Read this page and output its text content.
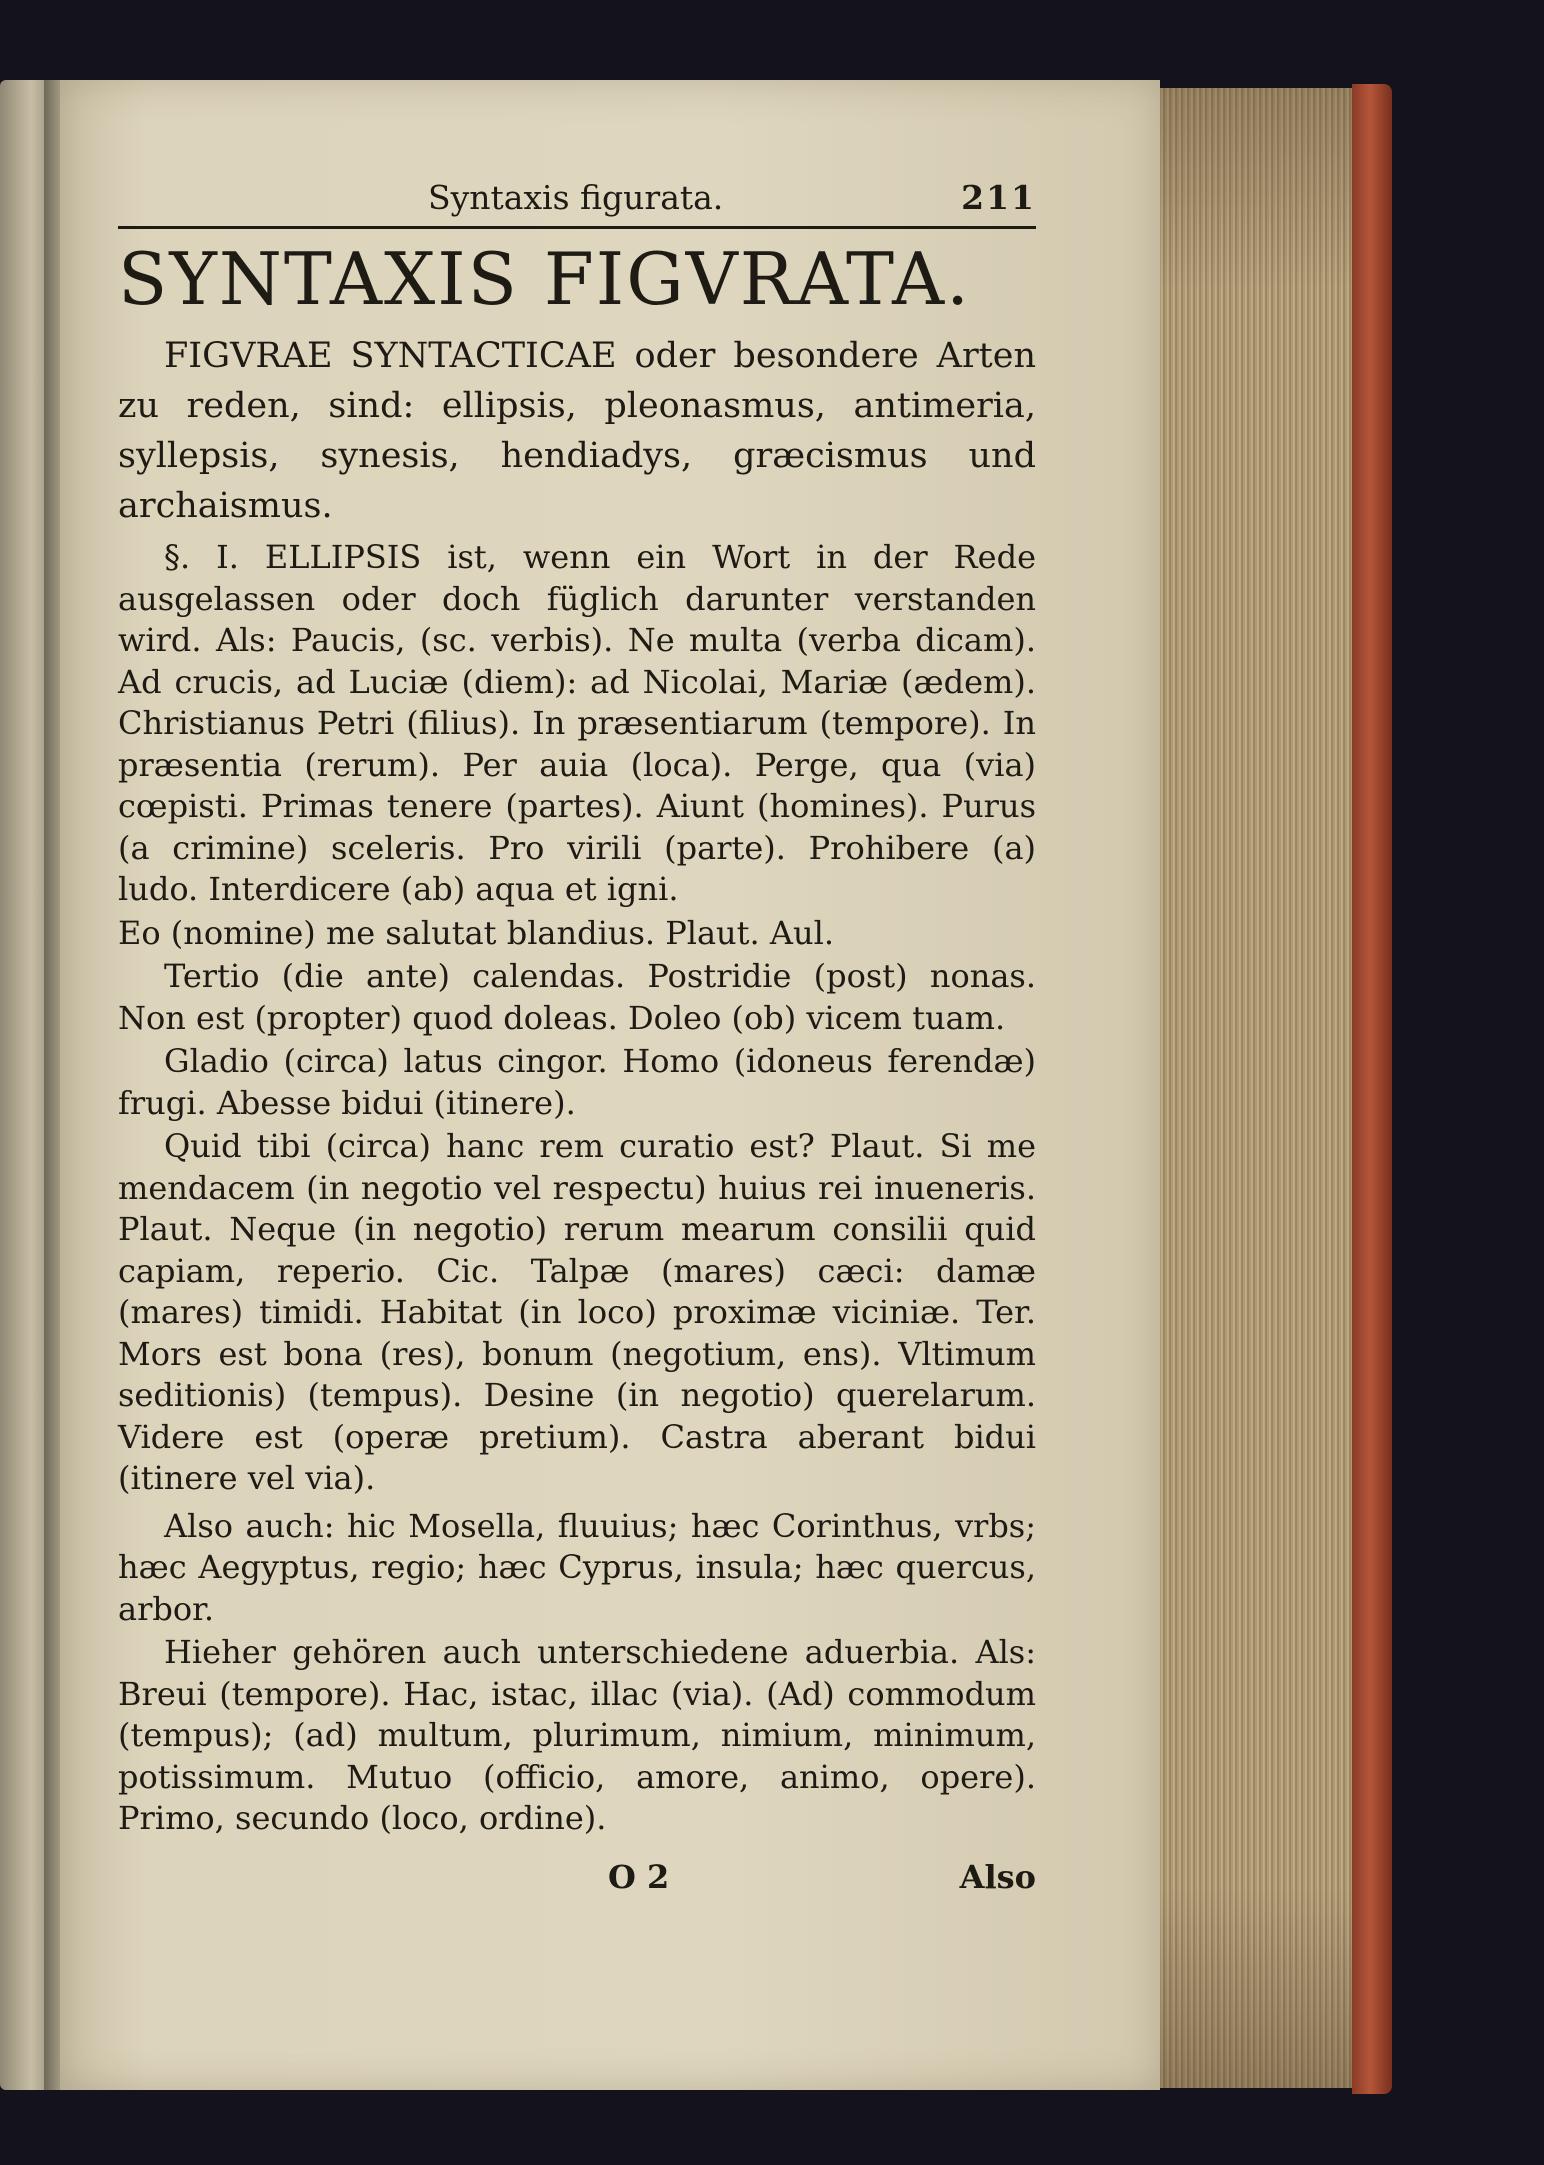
Syntaxis figurata.	211
SYNTAXIS FIGVRATA.

FIGVRAE SYNTACTICAE oder besondere Arten zu reden, sind: ellipsis, pleonasmus, antimeria, syllepsis, synesis, hendiadys, græcismus und archaismus.

§. I. ELLIPSIS ist, wenn ein Wort in der Rede ausgelassen oder doch füglich darunter verstanden wird. Als: Paucis, (sc. verbis). Ne multa (verba dicam). Ad crucis, ad Luciæ (diem): ad Nicolai, Mariæ (ædem). Christianus Petri (filius). In præsentiarum (tempore). In præsentia (rerum). Per auia (loca). Perge, qua (via) cœpisti. Primas tenere (partes). Aiunt (homines). Purus (a crimine) sceleris. Pro virili (parte). Prohibere (a) ludo. Interdicere (ab) aqua et igni.

Eo (nomine) me salutat blandius. Plaut. Aul.

Tertio (die ante) calendas. Postridie (post) nonas. Non est (propter) quod doleas. Doleo (ob) vicem tuam.

Gladio (circa) latus cingor. Homo (idoneus ferendæ) frugi. Abesse bidui (itinere).

Quid tibi (circa) hanc rem curatio est? Plaut. Si me mendacem (in negotio vel respectu) huius rei inueneris. Plaut. Neque (in negotio) rerum mearum consilii quid capiam, reperio. Cic. Talpæ (mares) cæci: damæ (mares) timidi. Habitat (in loco) proximæ viciniæ. Ter. Mors est bona (res), bonum (negotium, ens). Vltimum seditionis) (tempus). Desine (in negotio) querelarum. Videre est (operæ pretium). Castra aberant bidui (itinere vel via).

Also auch: hic Mosella, fluuius; hæc Corinthus, vrbs; hæc Aegyptus, regio; hæc Cyprus, insula; hæc quercus, arbor.

Hieher gehören auch unterschiedene aduerbia. Als: Breui (tempore). Hac, istac, illac (via). (Ad) commodum (tempus); (ad) multum, plurimum, nimium, minimum, potissimum. Mutuo (officio, amore, animo, opere). Primo, secundo (loco, ordine).

O 2	Also
